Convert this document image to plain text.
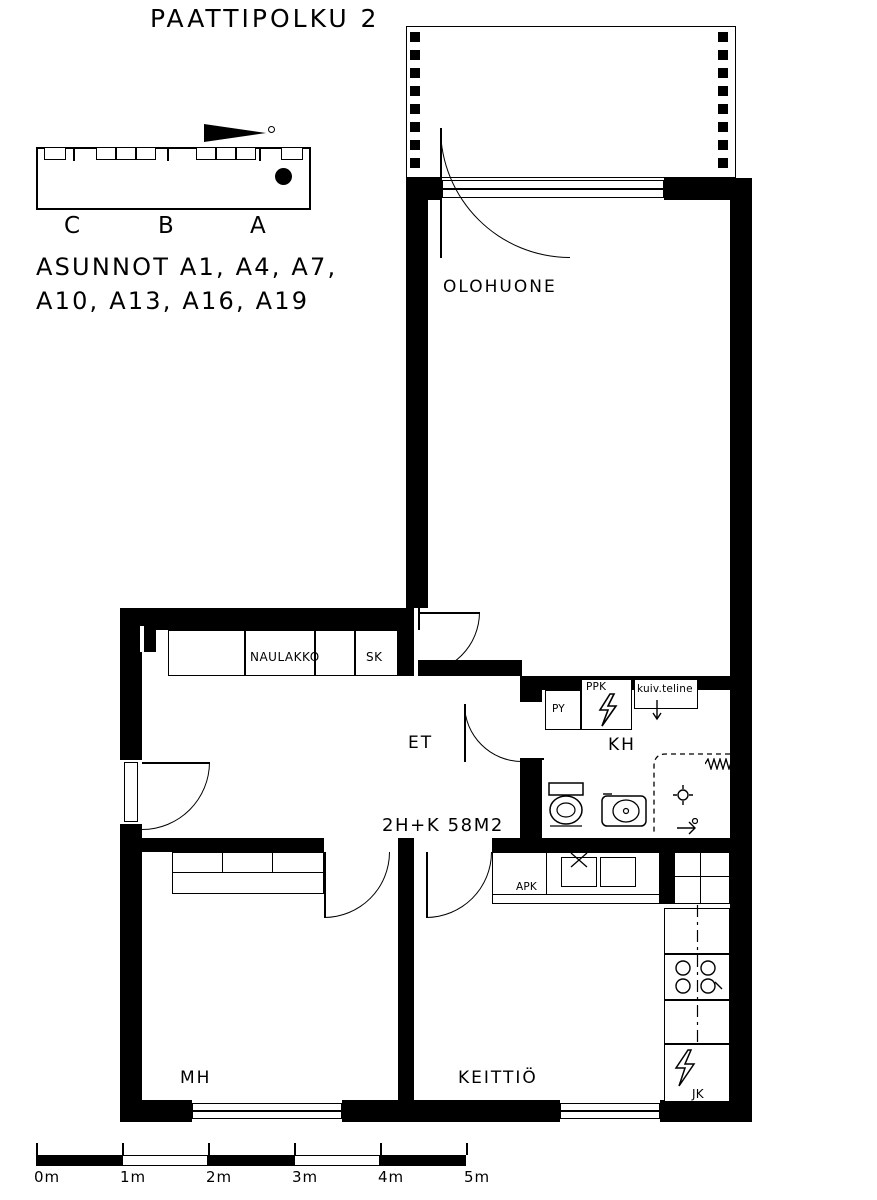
PAATTIPOLKU 2
C	B	A
ASUNNOT A1, A4, A7,
A10, A13, A16, A19	OLOHUONE
NAULAKKO	SK
ET	KH
PY
PPK	kuiv.teline
2H+K 58M2
MH	KEITTIÖ
APK
JK
0m	1m	2m	3m	4m	5m
